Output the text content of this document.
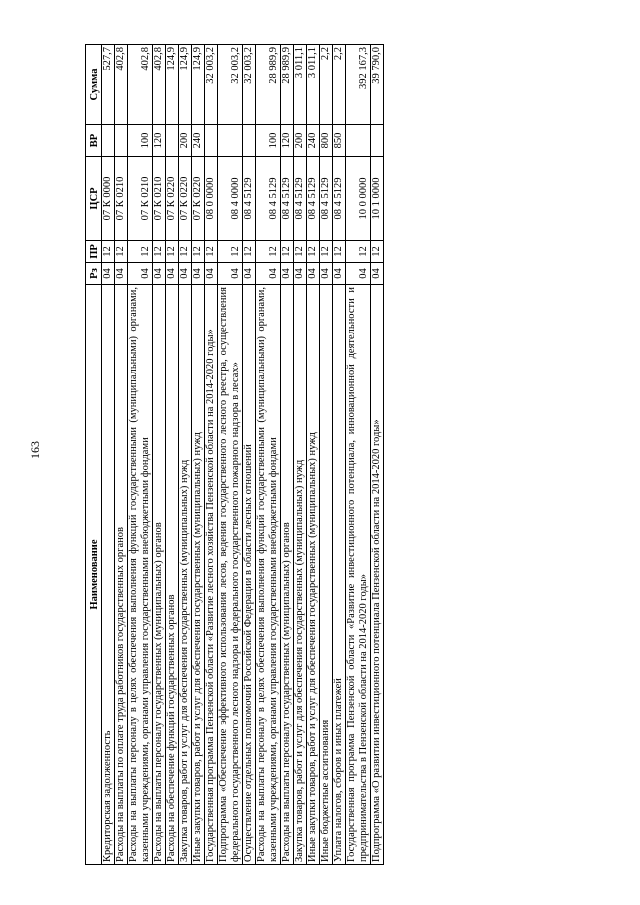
163
Наименование	Рз	ПР	ЦСР	ВР	Сумма
Кредиторская задолженность	04	12	07 К 0000		527,7
Расходы на выплаты по оплате труда работников государственных органов	04	12	07 К 0210		402,8
Расходы на выплаты персоналу в целях обеспечения выполнения функций государственными (муниципальными) органами, казенными учреждениями, органами управления государственными внебюджетными фондами	04	12	07 К 0210	100	402,8
Расходы на выплаты персоналу государственных (муниципальных) органов	04	12	07 К 0210	120	402,8
Расходы на обеспечение функций государственных органов	04	12	07 К 0220		124,9
Закупка товаров, работ и услуг для обеспечения государственных (муниципальных) нужд	04	12	07 К 0220	200	124,9
Иные закупки товаров, работ и услуг для обеспечения государственных (муниципальных) нужд	04	12	07 К 0220	240	124,9
Государственная программа Пензенской области «Развитие лесного хозяйства Пензенской области на 2014-2020 годы»	04	12	08 0 0000		32 003,2
Подпрограмма «Обеспечение эффективного использования лесов, ведения государственного лесного реестра, осуществления федерального государственного лесного надзора и федерального государственного пожарного надзора в лесах»	04	12	08 4 0000		32 003,2
Осуществление отдельных полномочий Российской Федерации в области лесных отношений	04	12	08 4 5129		32 003,2
Расходы на выплаты персоналу в целях обеспечения выполнения функций государственными (муниципальными) органами, казенными учреждениями, органами управления государственными внебюджетными фондами	04	12	08 4 5129	100	28 989,9
Расходы на выплаты персоналу государственных (муниципальных) органов	04	12	08 4 5129	120	28 989,9
Закупка товаров, работ и услуг для обеспечения государственных (муниципальных) нужд	04	12	08 4 5129	200	3 011,1
Иные закупки товаров, работ и услуг для обеспечения государственных (муниципальных) нужд	04	12	08 4 5129	240	3 011,1
Иные бюджетные ассигнования	04	12	08 4 5129	800	2,2
Уплата налогов, сборов и иных платежей	04	12	08 4 5129	850	2,2
Государственная программа Пензенской области «Развитие инвестиционного потенциала, инновационной деятельности и предпринимательства в Пензенской области на 2014-2020 годы»	04	12	10 0 0000		392 167,3
Подпрограмма «О развитии инвестиционного потенциала Пензенской области на 2014-2020 годы»	04	12	10 1 0000		39 790,0
